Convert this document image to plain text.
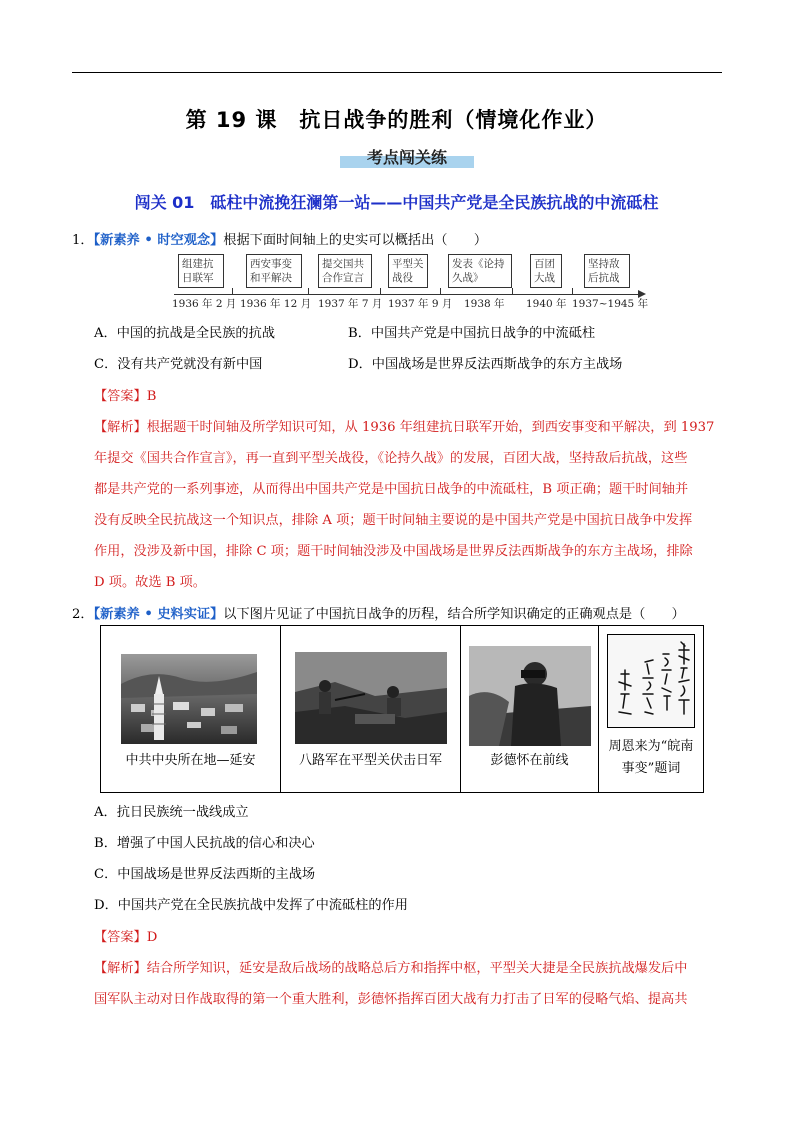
第 19 课　抗日战争的胜利（情境化作业）
考点闯关练
闯关 01　砥柱中流挽狂澜第一站——中国共产党是全民族抗战的中流砥柱
1．【新素养 • 时空观念】根据下面时间轴上的史实可以概括出（　　）
组建抗
日联军
西安事变
和平解决
提交国共
合作宣言
平型关
战役
发表《论持
久战》
百团
大战
坚持敌
后抗战
1936 年 2 月 1936 年 12 月 1937 年 7 月 1937 年 9 月 1938 年 1940 年 1937~1945 年
A．中国的抗战是全民族的抗战	B．中国共产党是中国抗日战争的中流砥柱
C．没有共产党就没有新中国	D．中国战场是世界反法西斯战争的东方主战场
【答案】B
【解析】根据题干时间轴及所学知识可知，从 1936 年组建抗日联军开始，到西安事变和平解决，到 1937
年提交《国共合作宣言》，再一直到平型关战役，《论持久战》的发展，百团大战，坚持敌后抗战，这些
都是共产党的一系列事迹，从而得出中国共产党是中国抗日战争的中流砥柱，B 项正确；题干时间轴并
没有反映全民抗战这一个知识点，排除 A 项；题干时间轴主要说的是中国共产党是中国抗日战争中发挥
作用，没涉及新中国，排除 C 项；题干时间轴没涉及中国战场是世界反法西斯战争的东方主战场，排除
D 项。故选 B 项。
2．【新素养 • 史料实证】以下图片见证了中国抗日战争的历程，结合所学知识确定的正确观点是（　　）
中共中央所在地—延安	八路军在平型关伏击日军	彭德怀在前线
周恩来为“皖南事变”题词
A．抗日民族统一战线成立
B．增强了中国人民抗战的信心和决心
C．中国战场是世界反法西斯的主战场
D．中国共产党在全民族抗战中发挥了中流砥柱的作用
【答案】D
【解析】结合所学知识，延安是敌后战场的战略总后方和指挥中枢，平型关大捷是全民族抗战爆发后中
国军队主动对日作战取得的第一个重大胜利，彭德怀指挥百团大战有力打击了日军的侵略气焰、提高共
